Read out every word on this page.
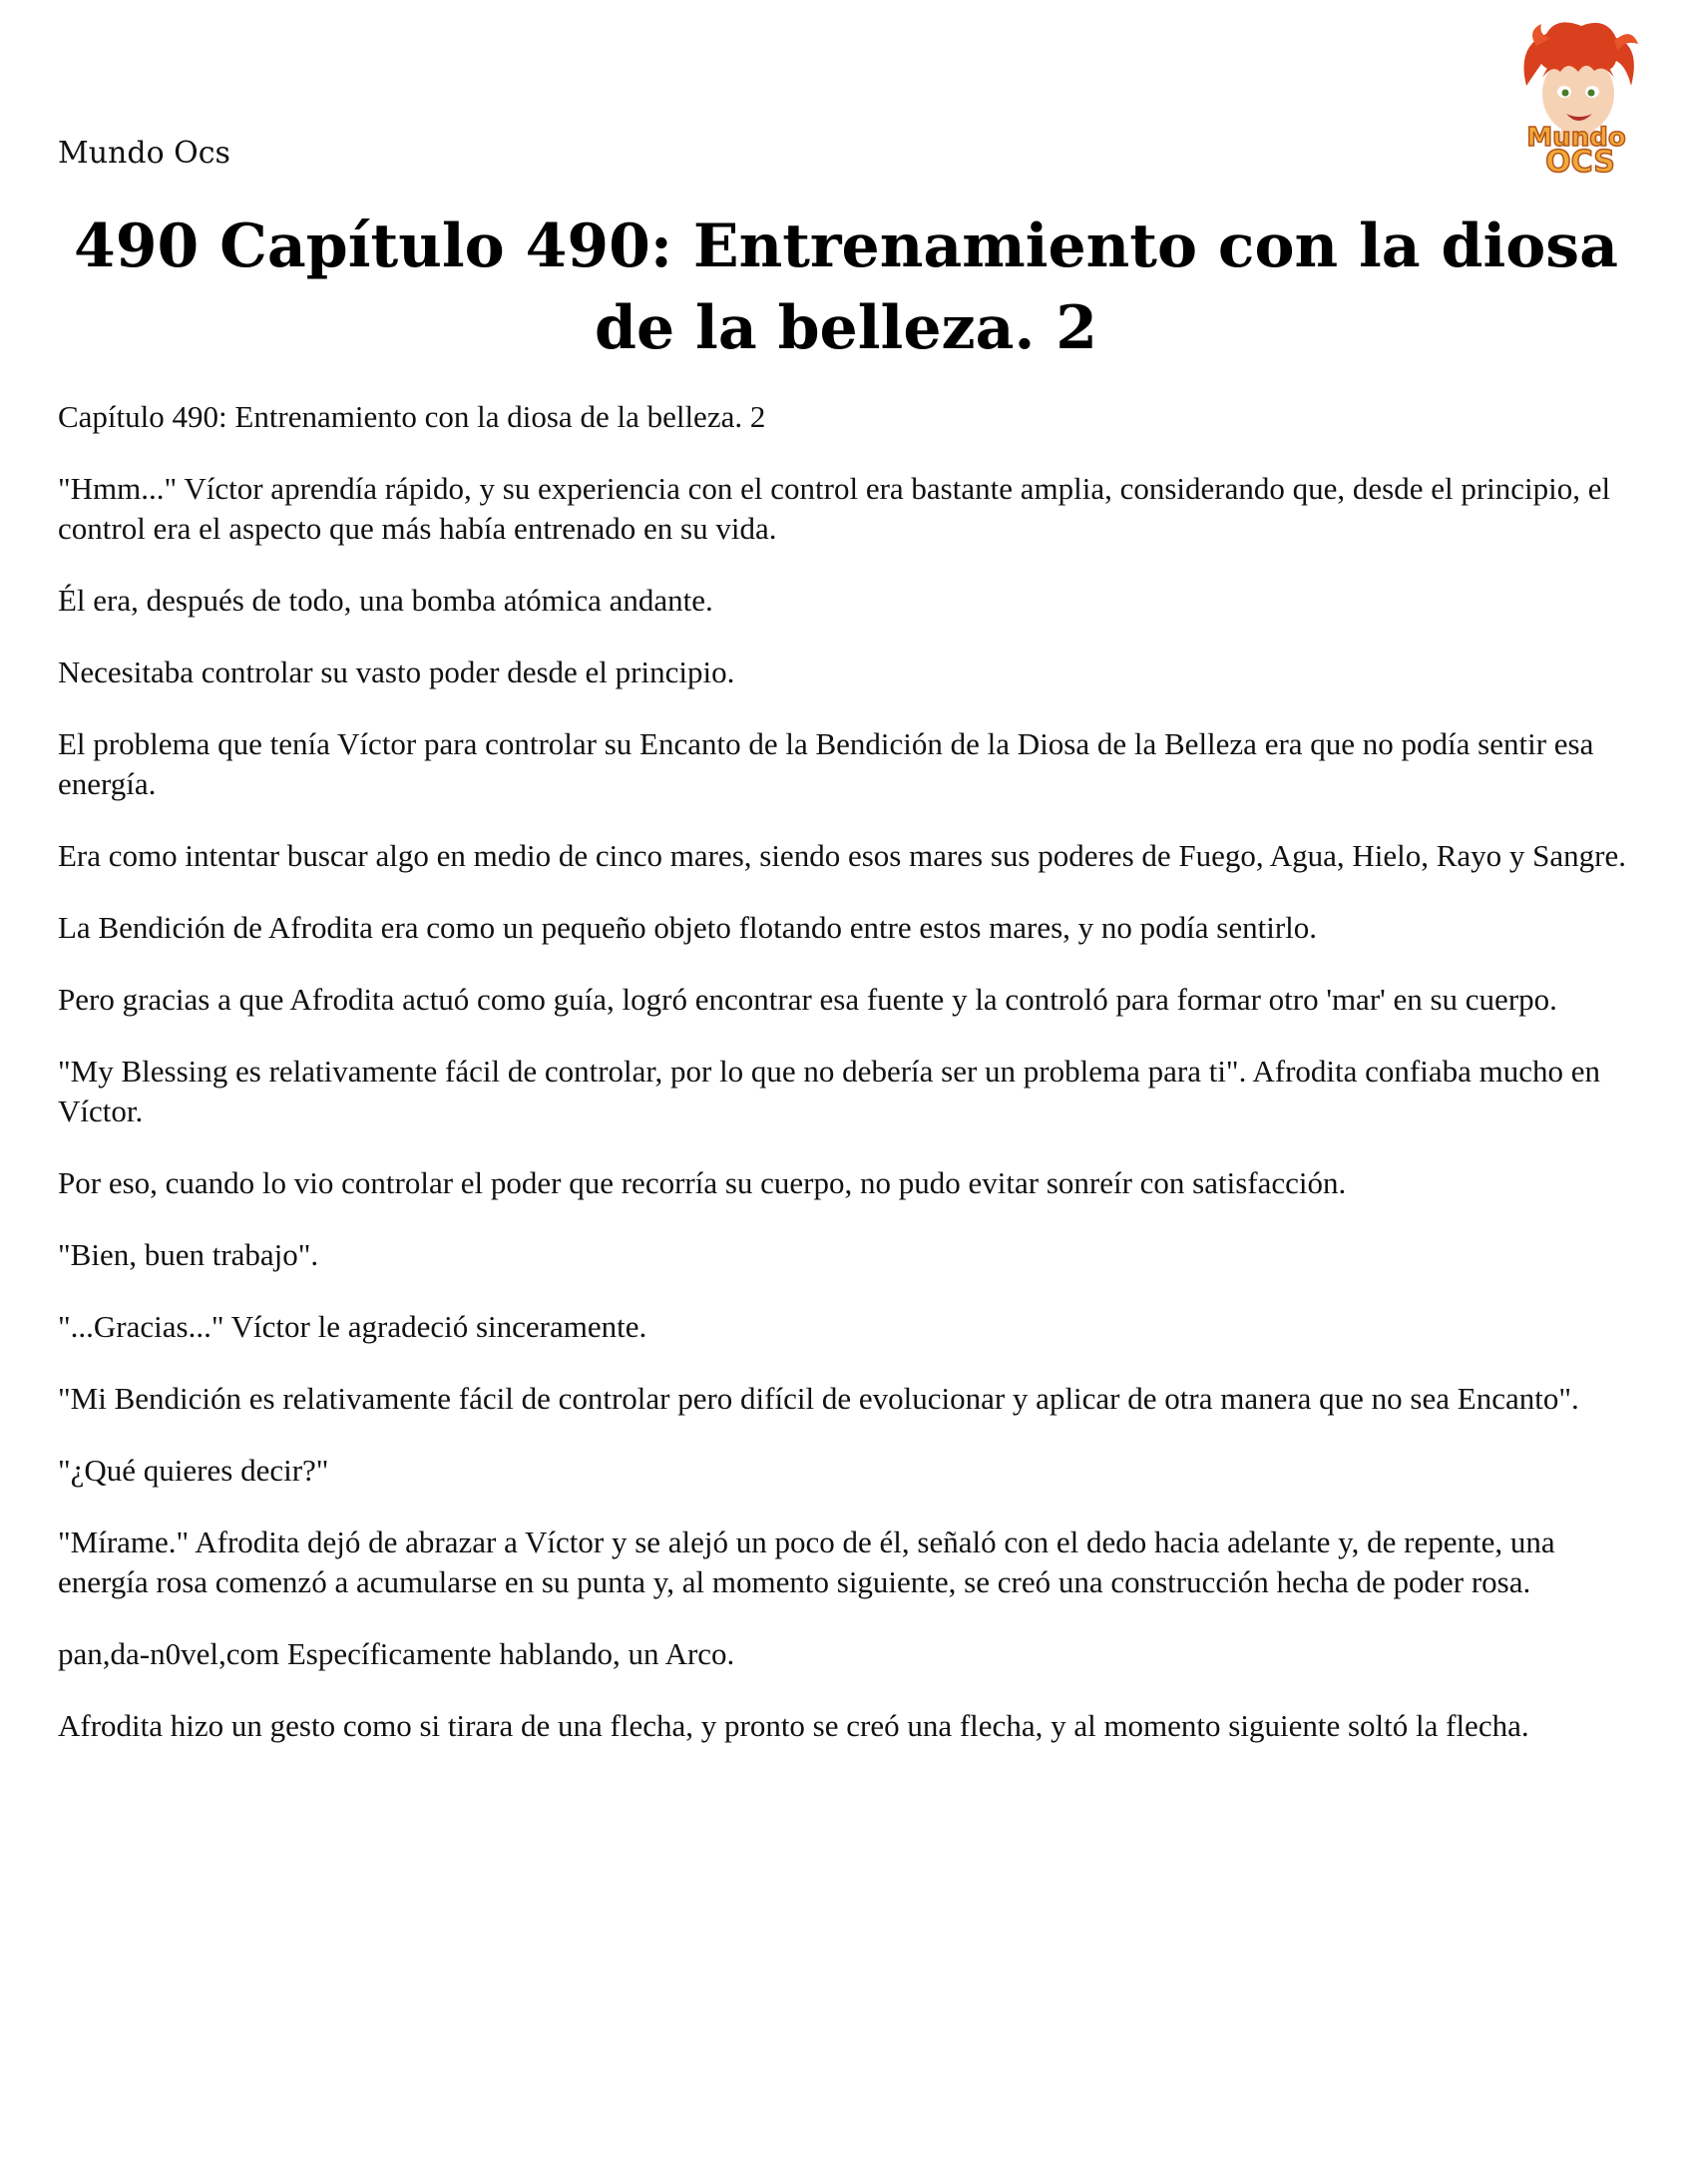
Mundo Ocs	Mundo
OCS
490 Capítulo 490: Entrenamiento con la diosa de la belleza. 2

Capítulo 490: Entrenamiento con la diosa de la belleza. 2

"Hmm..." Víctor aprendía rápido, y su experiencia con el control era bastante amplia, considerando que, desde el principio, el control era el aspecto que más había entrenado en su vida.

Él era, después de todo, una bomba atómica andante.

Necesitaba controlar su vasto poder desde el principio.

El problema que tenía Víctor para controlar su Encanto de la Bendición de la Diosa de la Belleza era que no podía sentir esa energía.

Era como intentar buscar algo en medio de cinco mares, siendo esos mares sus poderes de Fuego, Agua, Hielo, Rayo y Sangre.

La Bendición de Afrodita era como un pequeño objeto flotando entre estos mares, y no podía sentirlo.

Pero gracias a que Afrodita actuó como guía, logró encontrar esa fuente y la controló para formar otro 'mar' en su cuerpo.

"My Blessing es relativamente fácil de controlar, por lo que no debería ser un problema para ti". Afrodita confiaba mucho en Víctor.

Por eso, cuando lo vio controlar el poder que recorría su cuerpo, no pudo evitar sonreír con satisfacción.

"Bien, buen trabajo".

"...Gracias..." Víctor le agradeció sinceramente.

"Mi Bendición es relativamente fácil de controlar pero difícil de evolucionar y aplicar de otra manera que no sea Encanto".

"¿Qué quieres decir?"

"Mírame." Afrodita dejó de abrazar a Víctor y se alejó un poco de él, señaló con el dedo hacia adelante y, de repente, una energía rosa comenzó a acumularse en su punta y, al momento siguiente, se creó una construcción hecha de poder rosa.

pan,da-n0vel,com Específicamente hablando, un Arco.

Afrodita hizo un gesto como si tirara de una flecha, y pronto se creó una flecha, y al momento siguiente soltó la flecha.
